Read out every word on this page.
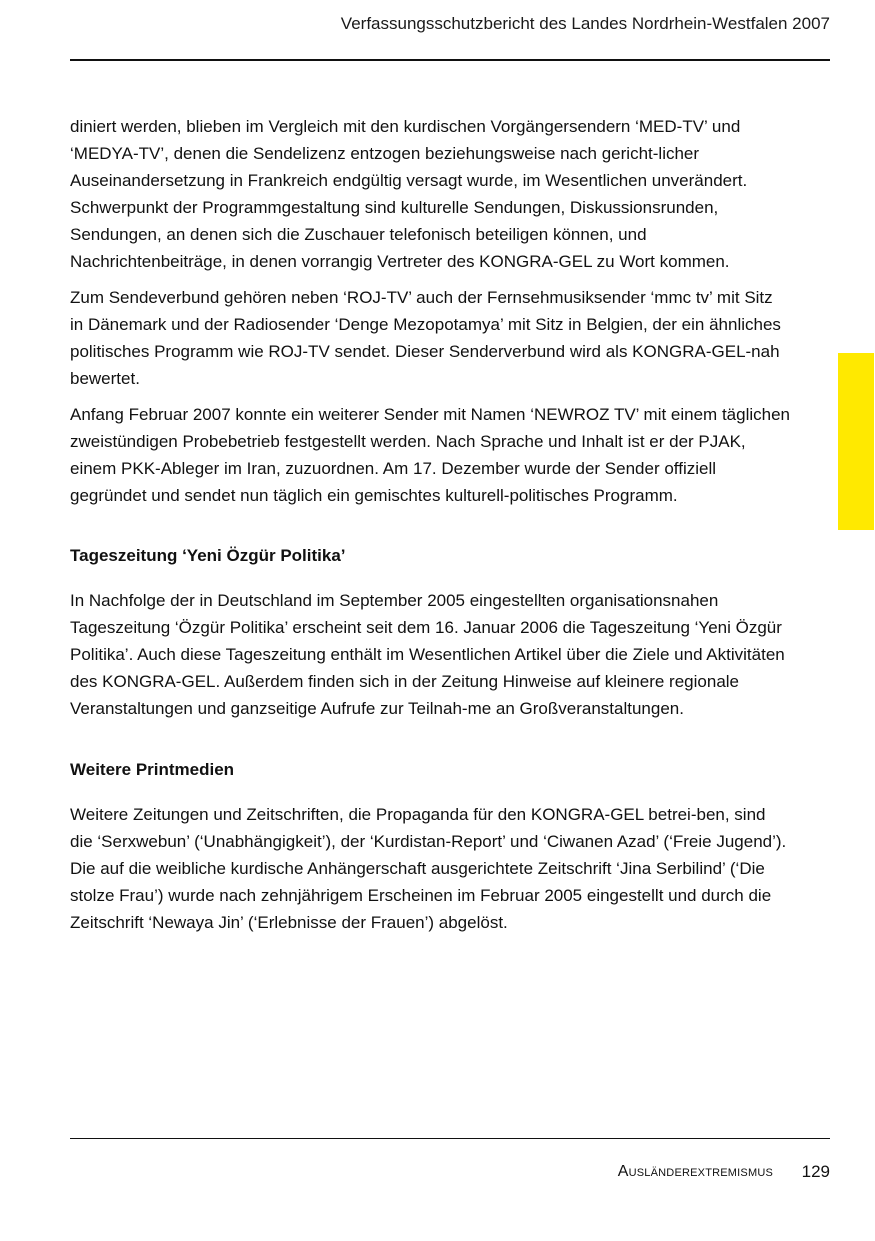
Verfassungsschutzbericht des Landes Nordrhein-Westfalen 2007

diniert werden, blieben im Vergleich mit den kurdischen Vorgängersendern ‘MED-TV’ und ‘MEDYA-TV’, denen die Sendelizenz entzogen beziehungsweise nach gericht-licher Auseinandersetzung in Frankreich endgültig versagt wurde, im Wesentlichen unverändert. Schwerpunkt der Programmgestaltung sind kulturelle Sendungen, Diskussionsrunden, Sendungen, an denen sich die Zuschauer telefonisch beteiligen können, und Nachrichtenbeiträge, in denen vorrangig Vertreter des KONGRA-GEL zu Wort kommen.

Zum Sendeverbund gehören neben ‘ROJ-TV’ auch der Fernsehmusiksender ‘mmc tv’ mit Sitz in Dänemark und der Radiosender ‘Denge Mezopotamya’ mit Sitz in Belgien, der ein ähnliches politisches Programm wie ROJ-TV sendet. Dieser Senderverbund wird als KONGRA-GEL-nah bewertet.

Anfang Februar 2007 konnte ein weiterer Sender mit Namen ‘NEWROZ TV’ mit einem täglichen zweistündigen Probebetrieb festgestellt werden. Nach Sprache und Inhalt ist er der PJAK, einem PKK-Ableger im Iran, zuzuordnen. Am 17. Dezember wurde der Sender offiziell gegründet und sendet nun täglich ein gemischtes kulturell-politisches Programm.

Tageszeitung ‘Yeni Özgür Politika’

In Nachfolge der in Deutschland im September 2005 eingestellten organisationsnahen Tageszeitung ‘Özgür Politika’ erscheint seit dem 16. Januar 2006 die Tageszeitung ‘Yeni Özgür Politika’. Auch diese Tageszeitung enthält im Wesentlichen Artikel über die Ziele und Aktivitäten des KONGRA-GEL. Außerdem finden sich in der Zeitung Hinweise auf kleinere regionale Veranstaltungen und ganzseitige Aufrufe zur Teilnah-me an Großveranstaltungen.

Weitere Printmedien

Weitere Zeitungen und Zeitschriften, die Propaganda für den KONGRA-GEL betrei-ben, sind die ‘Serxwebun’ (‘Unabhängigkeit’), der ‘Kurdistan-Report’ und ‘Ciwanen Azad’ (‘Freie Jugend’). Die auf die weibliche kurdische Anhängerschaft ausgerichtete Zeitschrift ‘Jina Serbilind’ (‘Die stolze Frau’) wurde nach zehnjährigem Erscheinen im Februar 2005 eingestellt und durch die Zeitschrift ‘Newaya Jin’ (‘Erlebnisse der Frauen’) abgelöst.

Ausländerextremismus 129
